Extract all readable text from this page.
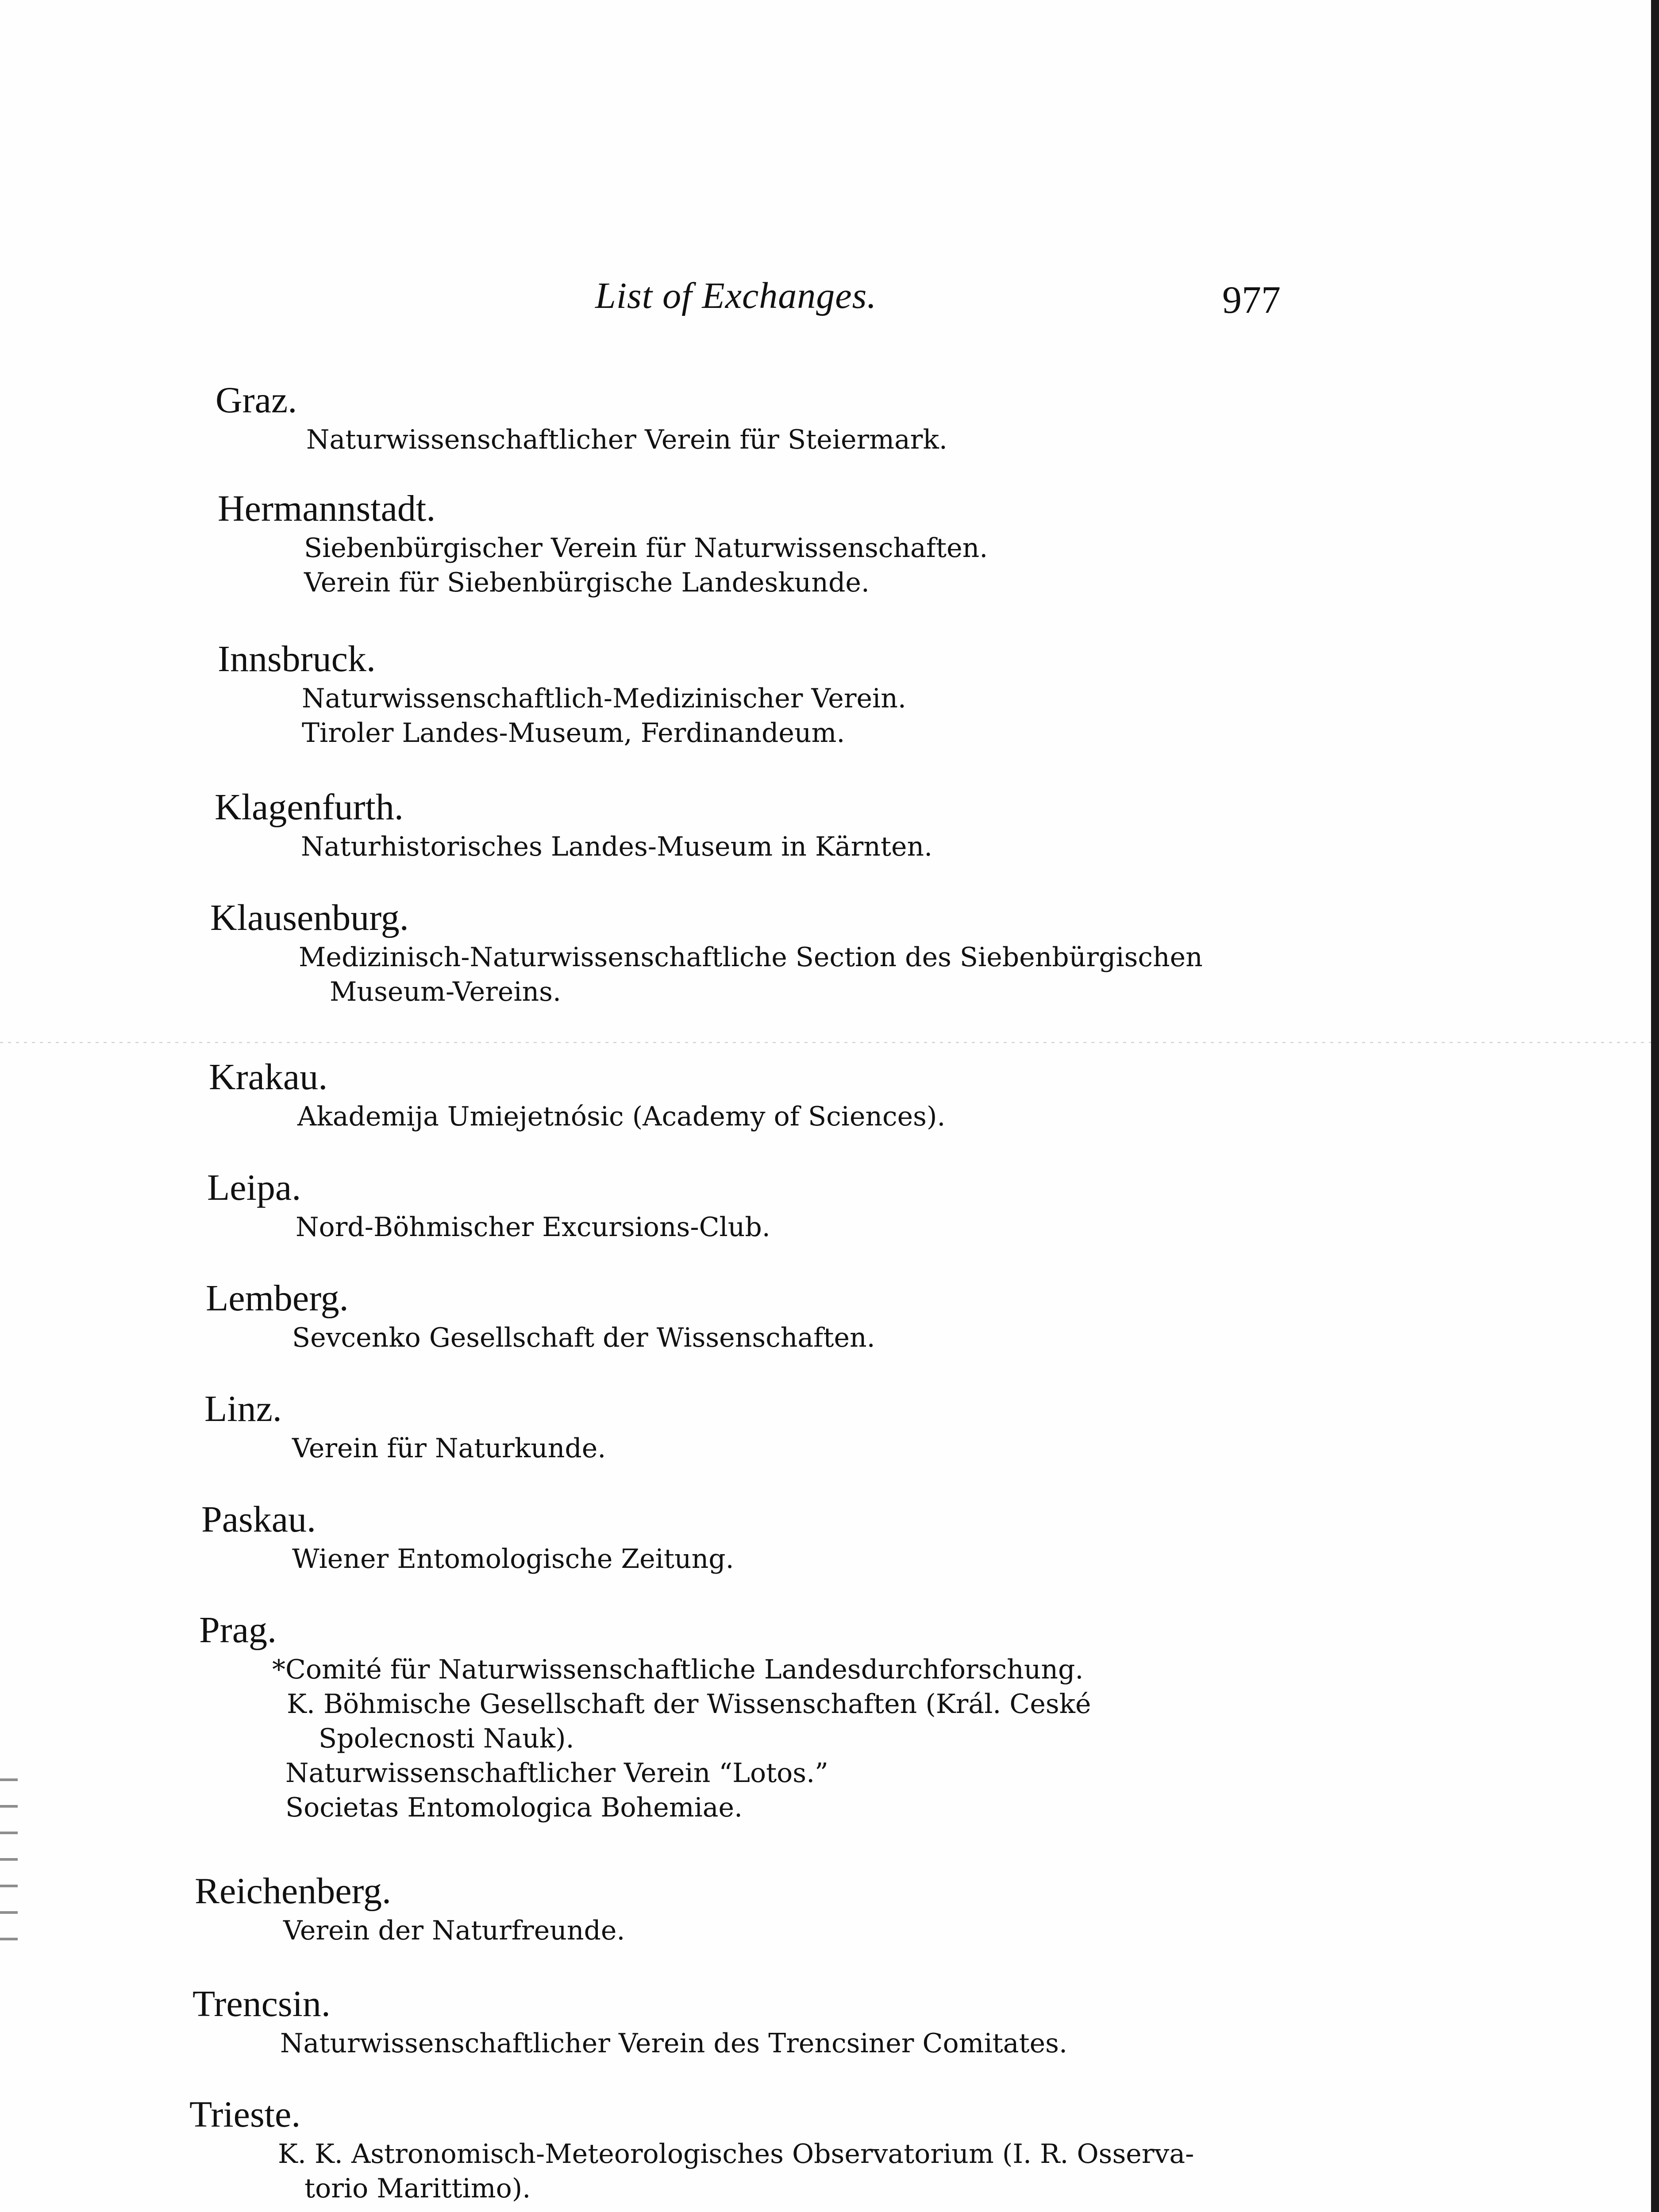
List of Exchanges.	977
Graz.
Naturwissenschaftlicher Verein für Steiermark.
Hermannstadt.
Siebenbürgischer Verein für Naturwissenschaften.
Verein für Siebenbürgische Landeskunde.
Innsbruck.
Naturwissenschaftlich-Medizinischer Verein.
Tiroler Landes-Museum, Ferdinandeum.
Klagenfurth.
Naturhistorisches Landes-Museum in Kärnten.
Klausenburg.
Medizinisch-Naturwissenschaftliche Section des Siebenbürgischen
Museum-Vereins.
Krakau.
Akademija Umiejetnósic (Academy of Sciences).
Leipa.
Nord-Böhmischer Excursions-Club.
Lemberg.
Sevcenko Gesellschaft der Wissenschaften.
Linz.
Verein für Naturkunde.
Paskau.
Wiener Entomologische Zeitung.
Prag.
*Comité für Naturwissenschaftliche Landesdurchforschung.
K. Böhmische Gesellschaft der Wissenschaften (Král. Ceské
Spolecnosti Nauk).
Naturwissenschaftlicher Verein “Lotos.”
Societas Entomologica Bohemiae.
Reichenberg.
Verein der Naturfreunde.
Trencsin.
Naturwissenschaftlicher Verein des Trencsiner Comitates.
Trieste.
K. K. Astronomisch-Meteorologisches Observatorium (I. R. Osserva-
torio Marittimo).
